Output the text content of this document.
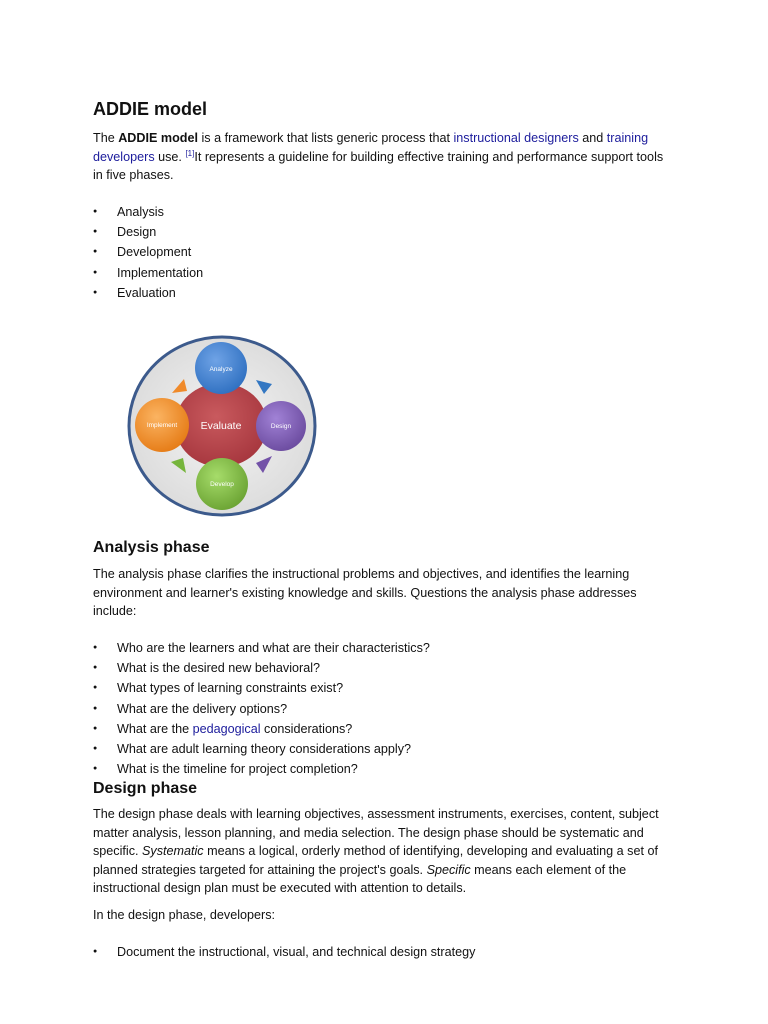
ADDIE model

The ADDIE model is a framework that lists generic process that instructional designers and training developers use. [1]It represents a guideline for building effective training and performance support tools in five phases.

● Analysis
● Design
● Development
● Implementation
● Evaluation
Evaluate
Analyze
Design
Develop
Implement
Analysis phase

The analysis phase clarifies the instructional problems and objectives, and identifies the learning environment and learner's existing knowledge and skills. Questions the analysis phase addresses include:

● Who are the learners and what are their characteristics?
● What is the desired new behavioral?
● What types of learning constraints exist?
● What are the delivery options?
● What are the pedagogical considerations?
● What are adult learning theory considerations apply?
● What is the timeline for project completion?
Design phase

The design phase deals with learning objectives, assessment instruments, exercises, content, subject matter analysis, lesson planning, and media selection. The design phase should be systematic and specific. Systematic means a logical, orderly method of identifying, developing and evaluating a set of planned strategies targeted for attaining the project's goals. Specific means each element of the instructional design plan must be executed with attention to details.

In the design phase, developers:

● Document the instructional, visual, and technical design strategy
